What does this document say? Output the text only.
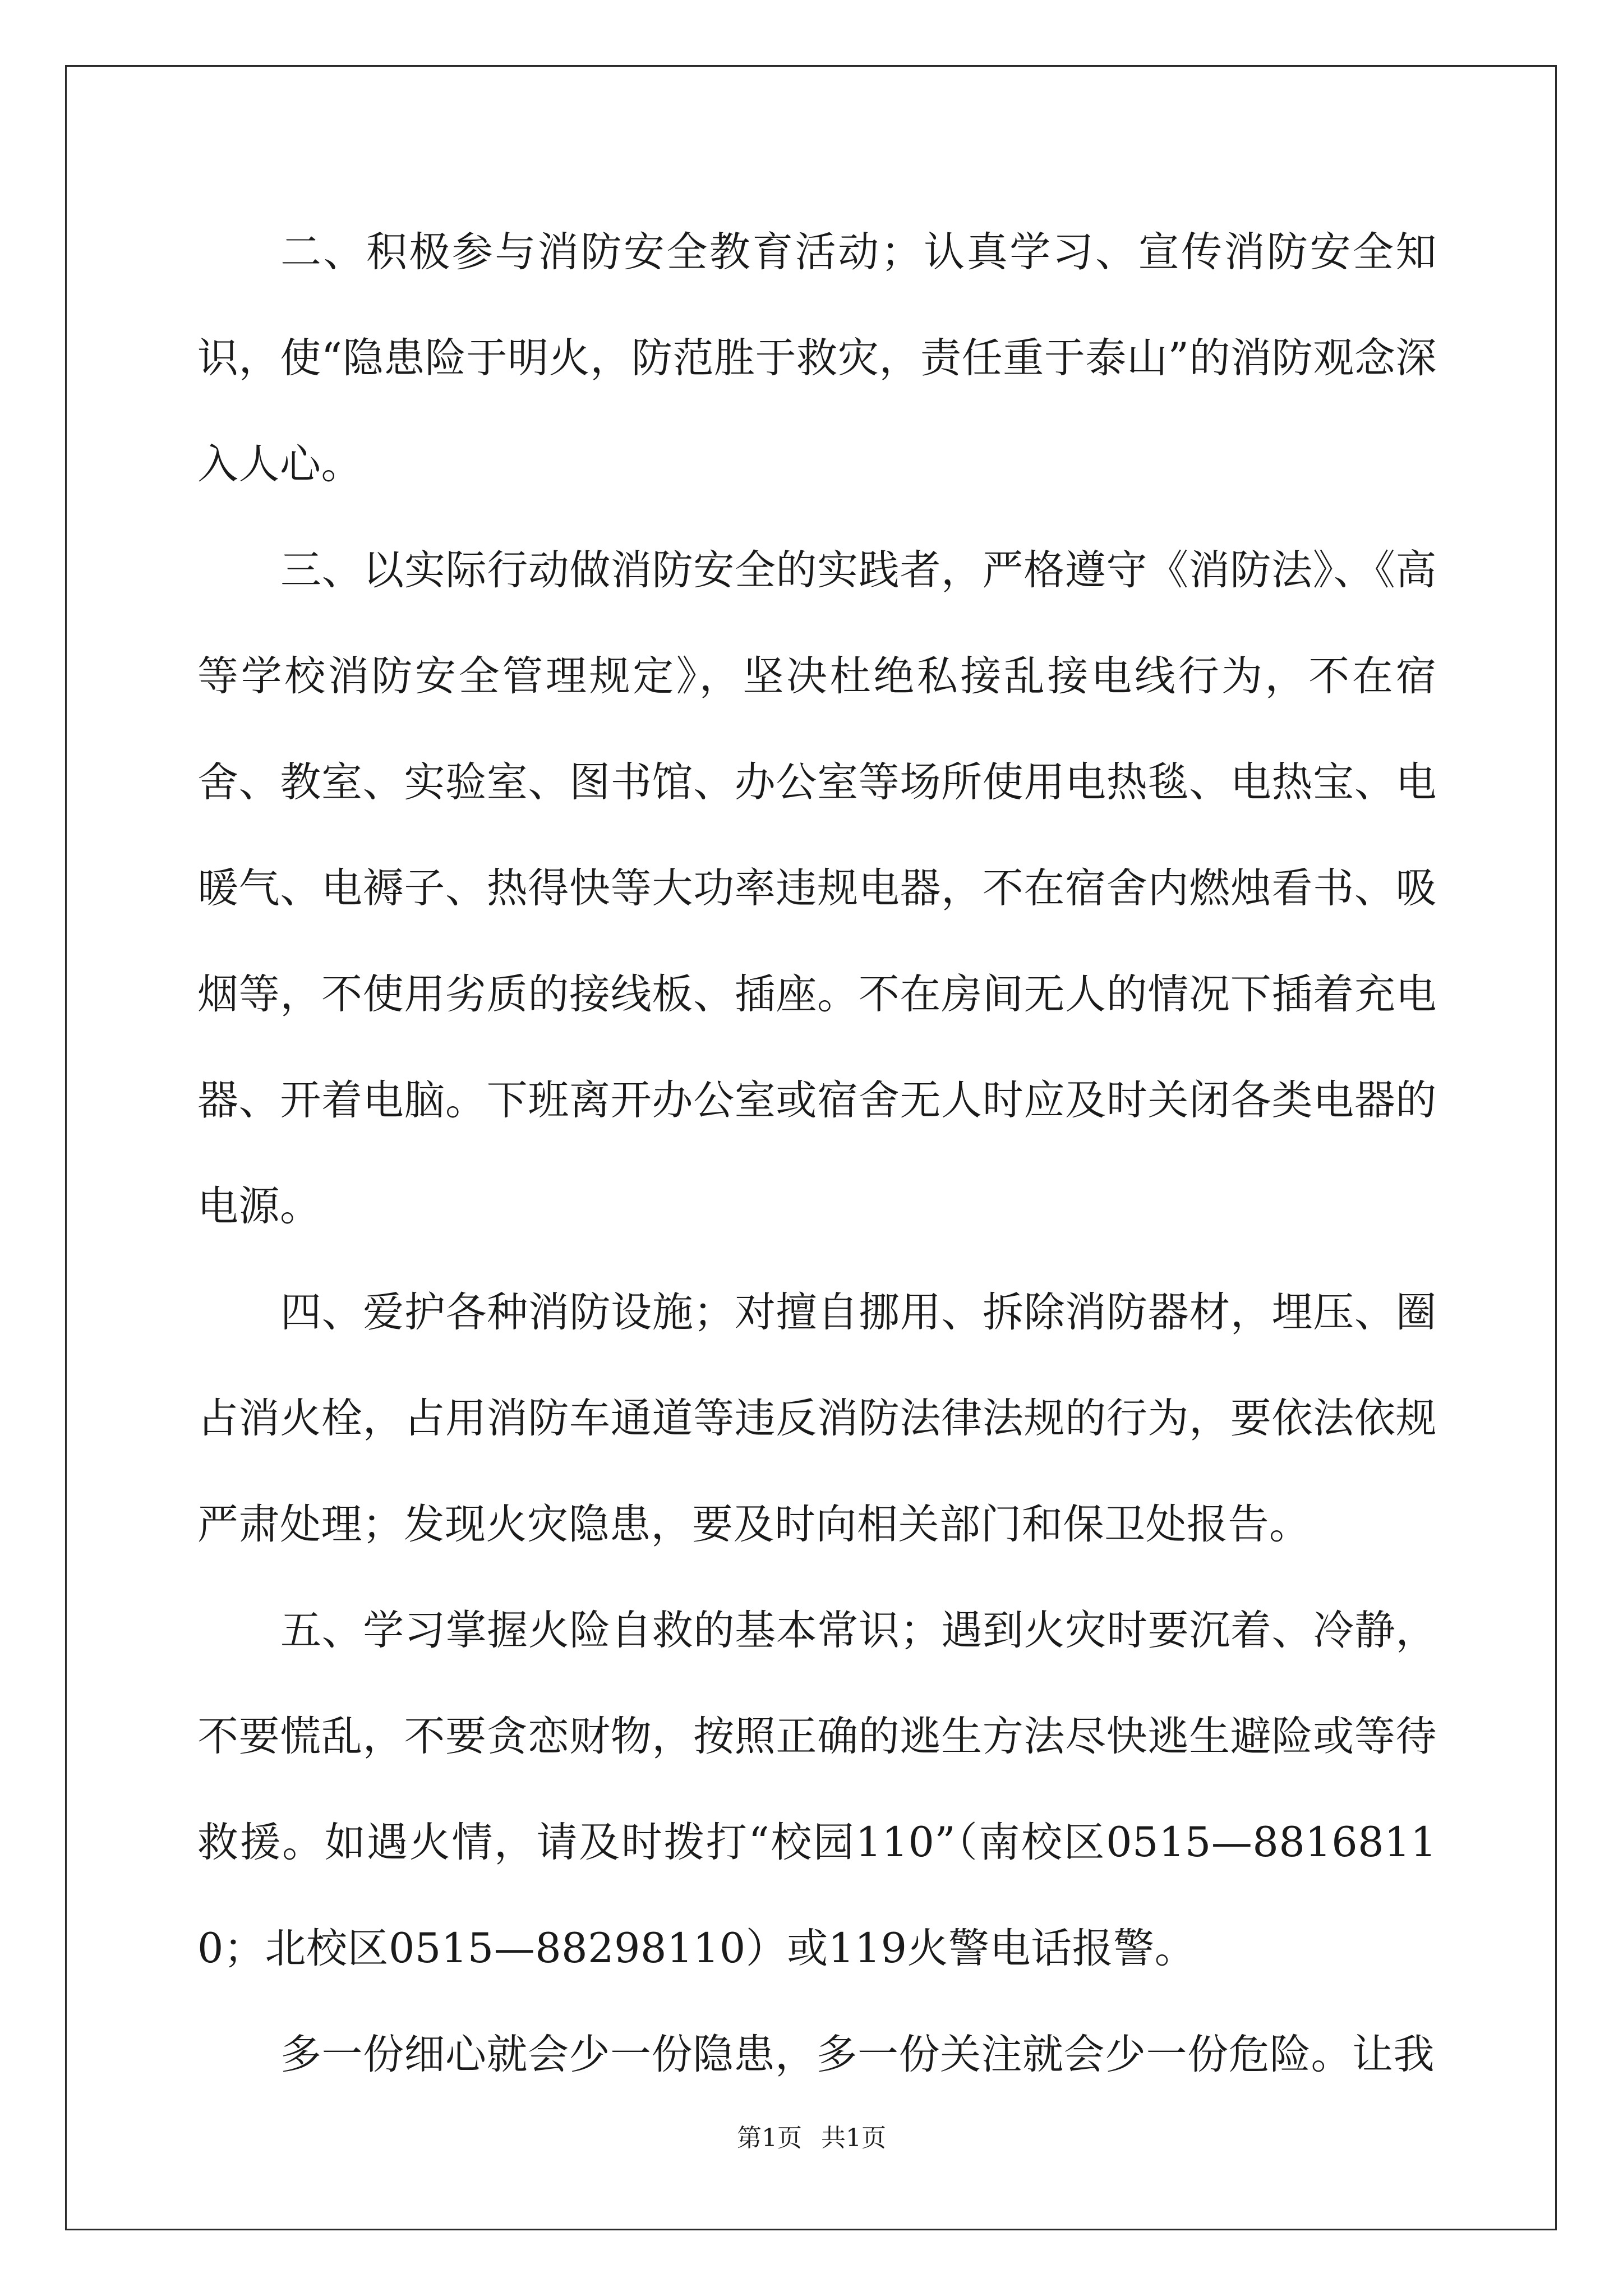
二、积极参与消防安全教育活动；认真学习、宣传消防安全知识，使“隐患险于明火，防范胜于救灾，责任重于泰山”的消防观念深入人心。

三、以实际行动做消防安全的实践者，严格遵守《消防法》、《高等学校消防安全管理规定》，坚决杜绝私接乱接电线行为，不在宿舍、教室、实验室、图书馆、办公室等场所使用电热毯、电热宝、电暖气、电褥子、热得快等大功率违规电器，不在宿舍内燃烛看书、吸烟等，不使用劣质的接线板、插座。不在房间无人的情况下插着充电器、开着电脑。下班离开办公室或宿舍无人时应及时关闭各类电器的电源。

四、爱护各种消防设施；对擅自挪用、拆除消防器材，埋压、圈占消火栓，占用消防车通道等违反消防法律法规的行为，要依法依规严肃处理；发现火灾隐患，要及时向相关部门和保卫处报告。

五、学习掌握火险自救的基本常识；遇到火灾时要沉着、冷静，不要慌乱，不要贪恋财物，按照正确的逃生方法尽快逃生避险或等待救援。如遇火情，请及时拨打“校园110”（南校区0515—88168110；北校区0515—88298110）或119火警电话报警。

多一份细心就会少一份隐患，多一份关注就会少一份危险。让我

第1页 共1页
